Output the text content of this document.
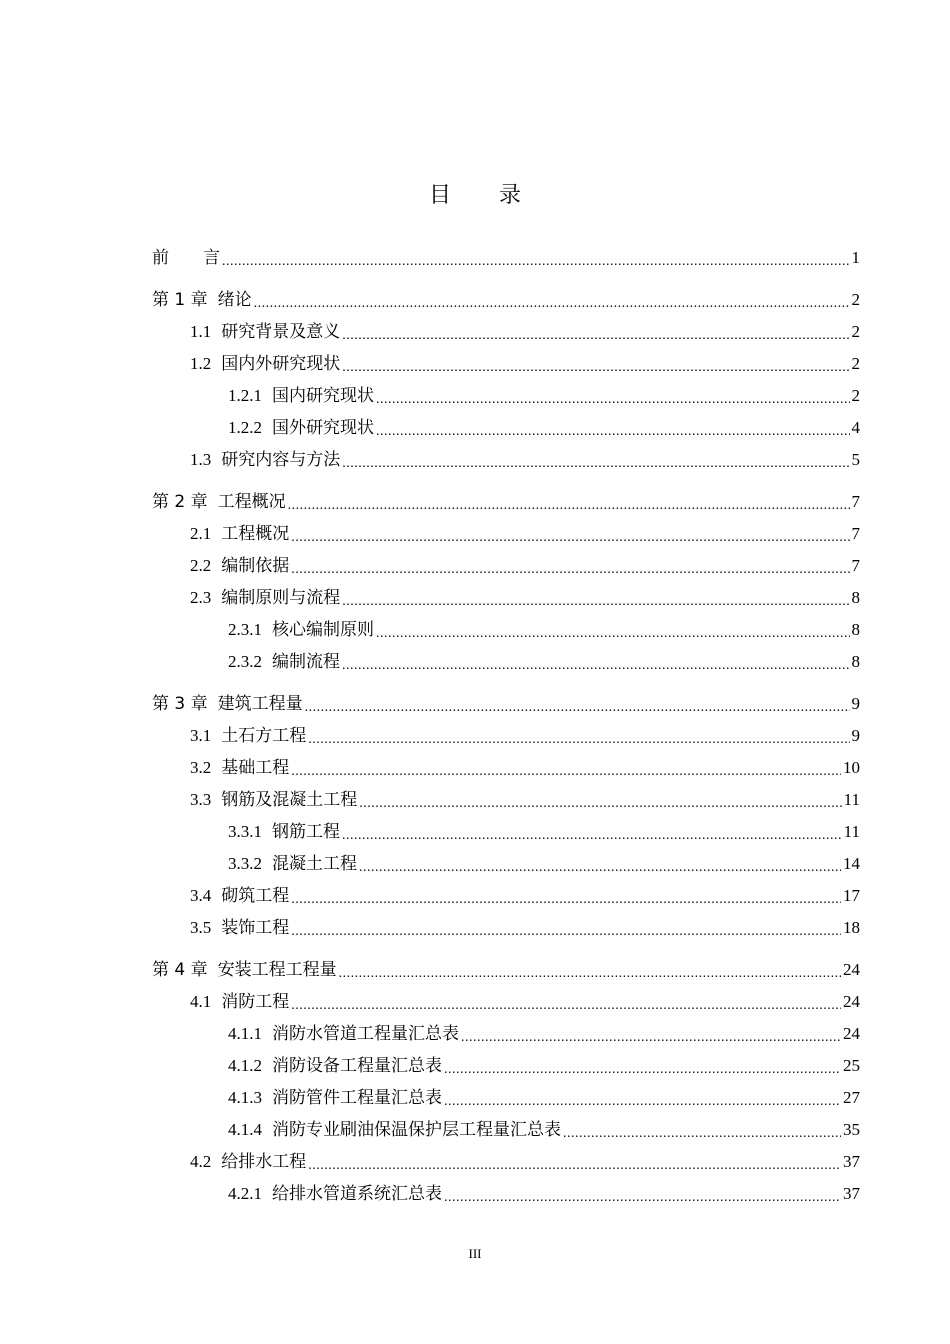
目 录
前　　言 .....	1
第 1 章 绪论 .....	2
1.1 研究背景及意义 .....	2
1.2 国内外研究现状 .....	2
1.2.1 国内研究现状 .....	2
1.2.2 国外研究现状 .....	4
1.3 研究内容与方法 .....	5
第 2 章 工程概况 .....	7
2.1 工程概况 .....	7
2.2 编制依据 .....	7
2.3 编制原则与流程 .....	8
2.3.1 核心编制原则 .....	8
2.3.2 编制流程 .....	8
第 3 章 建筑工程量 .....	9
3.1 土石方工程 .....	9
3.2 基础工程 .....	10
3.3 钢筋及混凝土工程 .....	11
3.3.1 钢筋工程 .....	11
3.3.2 混凝土工程 .....	14
3.4 砌筑工程 .....	17
3.5 装饰工程 .....	18
第 4 章 安装工程工程量 .....	24
4.1 消防工程 .....	24
4.1.1 消防水管道工程量汇总表 .....	24
4.1.2 消防设备工程量汇总表 .....	25
4.1.3 消防管件工程量汇总表 .....	27
4.1.4 消防专业刷油保温保护层工程量汇总表 .....	35
4.2 给排水工程 .....	37
4.2.1 给排水管道系统汇总表 .....	37
III
